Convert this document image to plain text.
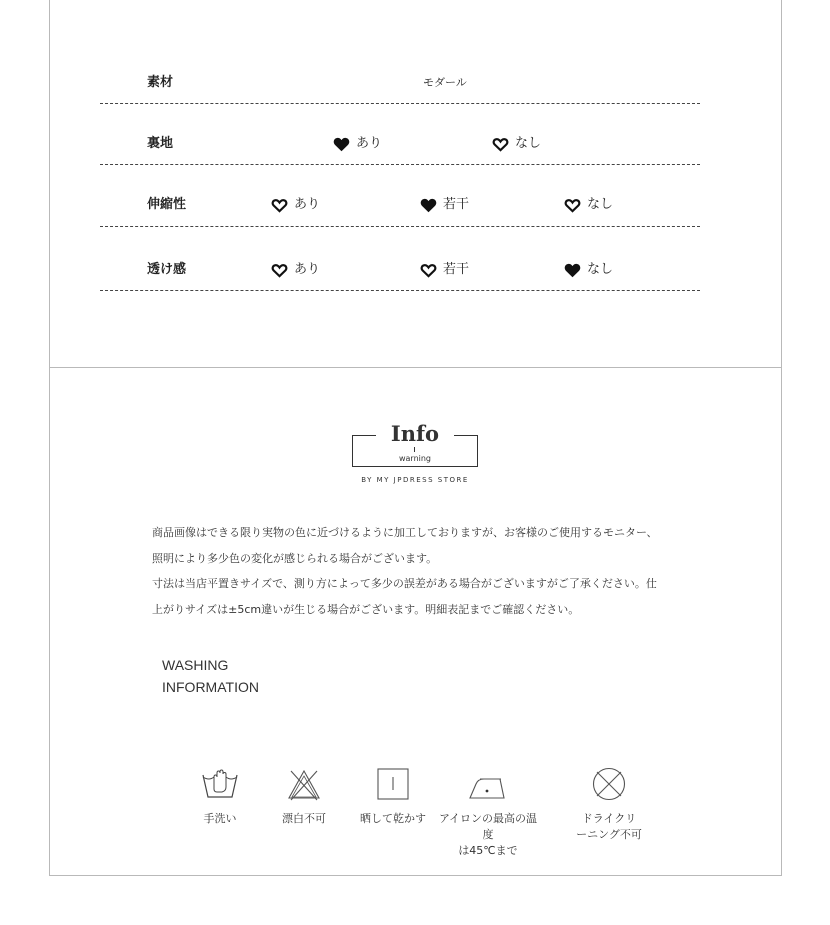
素材	モダール
裏地	あり	なし
伸縮性	あり	若干	なし
透け感	あり	若干	なし
Info
warning
BY MY JPDRESS STORE

商品画像はできる限り実物の色に近づけるように加工しておりますが、お客様のご使用するモニター、

照明により多少色の変化が感じられる場合がございます。

寸法は当店平置きサイズで、測り方によって多少の誤差がある場合がございますがご了承ください。仕

上がりサイズは±5cm違いが生じる場合がございます。明細表記までご確認ください。

WASHING
INFORMATION
手洗い	漂白不可	晒して乾かす	アイロンの最高の温度
は45℃まで
ドライクリ
ーニング不可
